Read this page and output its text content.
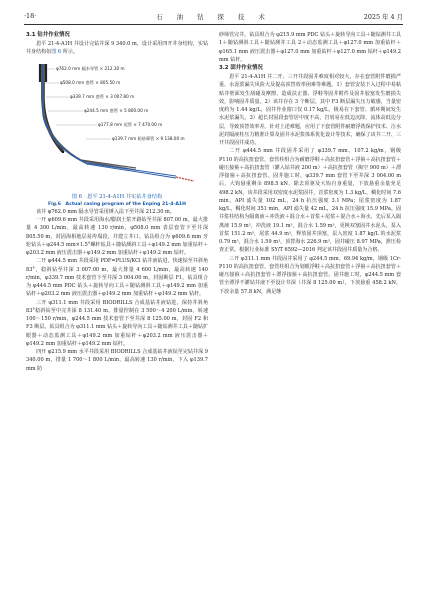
·18·	石 油 钻 探 技 术	2025 年 4 月
3.1 钻井作业情况

恩平 21-4-A1H 井设计完钻井深 9 340.0 m，设计采用四开井身结构，实钻井身结构如图 6 所示。

φ762.0 mm 隔水导管 × 212.30 m
φ508.0 mm 套管 × 805.50 m
φ339.7 mm 套管 × 3 007.80 m
φ244.5 mm 套管 × 5 800.00 m
φ177.8 mm 尾管 × 7 470.00 m
φ139.7 mm 防砂筛管 × 9 138.00 m

图 6　恩平 21-4-A1H 井实钻井身结构

Fig.6　Actual casing program of the Enping 21-4-A1H

该井 φ762.0 mm 隔水导管采用锤入法下至井深 212.30 m。

一开 φ609.6 mm 井段采用海水/膨润土浆开路钻至井深 807.00 m，最大排量 4 300 L/min，最高转速 130 r/min，φ508.0 mm 表层套管下至井深 805.50 m，封固海相地层易垮塌段，并建立井口。钻具组合为 φ609.6 mm 牙轮钻头＋φ244.5 mm×1.5°螺杆钻具＋随钻测斜工具＋φ149.2 mm 加重钻杆＋φ203.2 mm 液压震击器＋φ149.2 mm 加重钻杆＋φ149.2 mm 钻杆。

二开 φ444.5 mm 井段采用 PDF=PLUS/KCl 钻井液钻进，快速钻至井斜角 83°，稳斜钻至井深 3 007.00 m，最大排量 4 600 L/min，最高转速 140 r/min，φ339.7 mm 技术套管下至井深 3 004.00 m，封固断层 F1。钻具组合为 φ444.5 mm PDC 钻头＋旋转导向工具＋随钻测斜工具＋φ149.2 mm 加重钻杆＋φ203.2 mm 液压震击器＋φ149.2 mm 加重钻杆＋φ149.2 mm 钻杆。

三开 φ311.1 mm 井段采用 BIODRILLS 合成基钻井液钻进，保持井斜角 83°稳斜钻至中完井深 8 131.40 m，排量控制在 3 500～4 200 L/min，转速 100～150 r/min，φ244.5 mm 技术套管下至井深 8 125.00 m，封固 F2 和 F3 断层。钻具组合为 φ311.1 mm 钻头＋旋转导向工具＋随钻测井工具＋随钻扩眼器＋动态监测工具＋φ149.2 mm 加重钻杆＋φ203.2 mm 液压震击器＋φ149.2 mm 加重钻杆＋φ149.2 mm 钻杆。

四开 φ215.9 mm 水平井段采用 BIODRILLS 合成基钻井液钻至完钻井深 9 340.00 m，排量 1 700～1 800 L/min，最高转速 130 r/min，下入 φ139.7 mm 防

砂筛管完井。钻具组合为 φ215.9 mm PDC 钻头＋旋转导向工具＋随钻测井工具 1＋随钻测斜工具＋随钻测井工具 2＋动态监测工具＋φ127.0 mm 加重钻杆＋φ165.1 mm 液压震击器＋φ127.0 mm 加重钻杆＋φ127.0 mm 钻杆＋φ149.2 mm 钻杆。

3.2 固井作业情况

恩平 21-4-A1H 井二开、三开井段固井难度相对较大，存在套管附件磨损严重、水泥浆漏失风险大及提高顶替效率困难等难题。1）套管安装下入过程中易粘贴井壁面发生刮碰及摩擦，造成扶正器、浮鞋等固井附件及固井胶塞发生磨损失效，影响固井质量。2）该井存在 3 个断层，其中 F3 断层漏失压力敏感，当量密度约为 1.44 kg/L，固井作业窗口仅 0.17 kg/L，极易在下套管、循环期间发生水泥浆漏失。3）超长封固段套管居中度不高，岩屑易在低边沉降，流体高低边分层，导致顶替效率差。针对上述难题，应用了下套管附件耐磨浮铣保护技术、注水泥封隔液柱压力精准计算及固井水泥浆体系优化设计等技术，确保了该井二开、三开井段固井成功。

二开 φ444.5 mm 井段固井采用了 φ339.7 mm、107.2 kg/m，钢级 P110 的高抗扭套管，套管柱组合为耐磨浮鞋＋高抗扭套管＋浮箍＋高抗扭套管＋碰压接箍＋高抗扭套管（灌入钻井液 200 m）＋高抗扭套管（掏空 900 m）＋漂浮接箍＋高抗扭套管。固井施工时，φ339.7 mm 套管下至井深 3 004.00 m 后，大钩悬重剩余 898.5 kN，除去顶驱及大钩自身重量，下放悬重余量充足 498.2 kN。该井段采用双密度水泥浆固井，首浆密度为 1.3 kg/L，稠化时间 7.6 min，API 滤失量 102 mL，24 h 抗压强度 3.1 MPa；尾浆密度为 1.87 kg/L，稠化时间 351 min，API 滤失量 42 mL，24 h 抗压强度 15.9 MPa。固井浆柱结构为隔离液＋冲洗液＋混合水＋首浆＋尾浆＋混合水＋海水，先后泵入隔离液 15.9 m³，冲洗液 19.1 m³，混合水 1.59 m³，更换双塞固井水泥头，泵入首浆 151.2 m³，尾浆 44.9 m³，释放固井顶塞，泵入密度 1.87 kg/L 的水泥浆 0.79 m³，混合水 1.59 m³，顶替海水 226.9 m³，固井碰压 8.97 MPa，泄压检查正常。根据行业标准 SY/T 6592—2016 判定该井段固井质量为合格。

三开 φ311.1 mm 井段固井采用了 φ244.5 mm、69.94 kg/m，钢级 1Cr-P110 的高抗扭套管，套管柱组合为划眼浮鞋＋高抗扭套管＋浮箍＋高抗扭套管＋碰压接箍＋高抗扭套管＋漂浮接箍＋高抗扭套管。固井施工时，φ244.5 mm 套管全漂浮不灌钻井液下至设计井深（井深 8 125.00 m），下放悬重 458.2 kN，下放余量 57.8 kN，满足继
